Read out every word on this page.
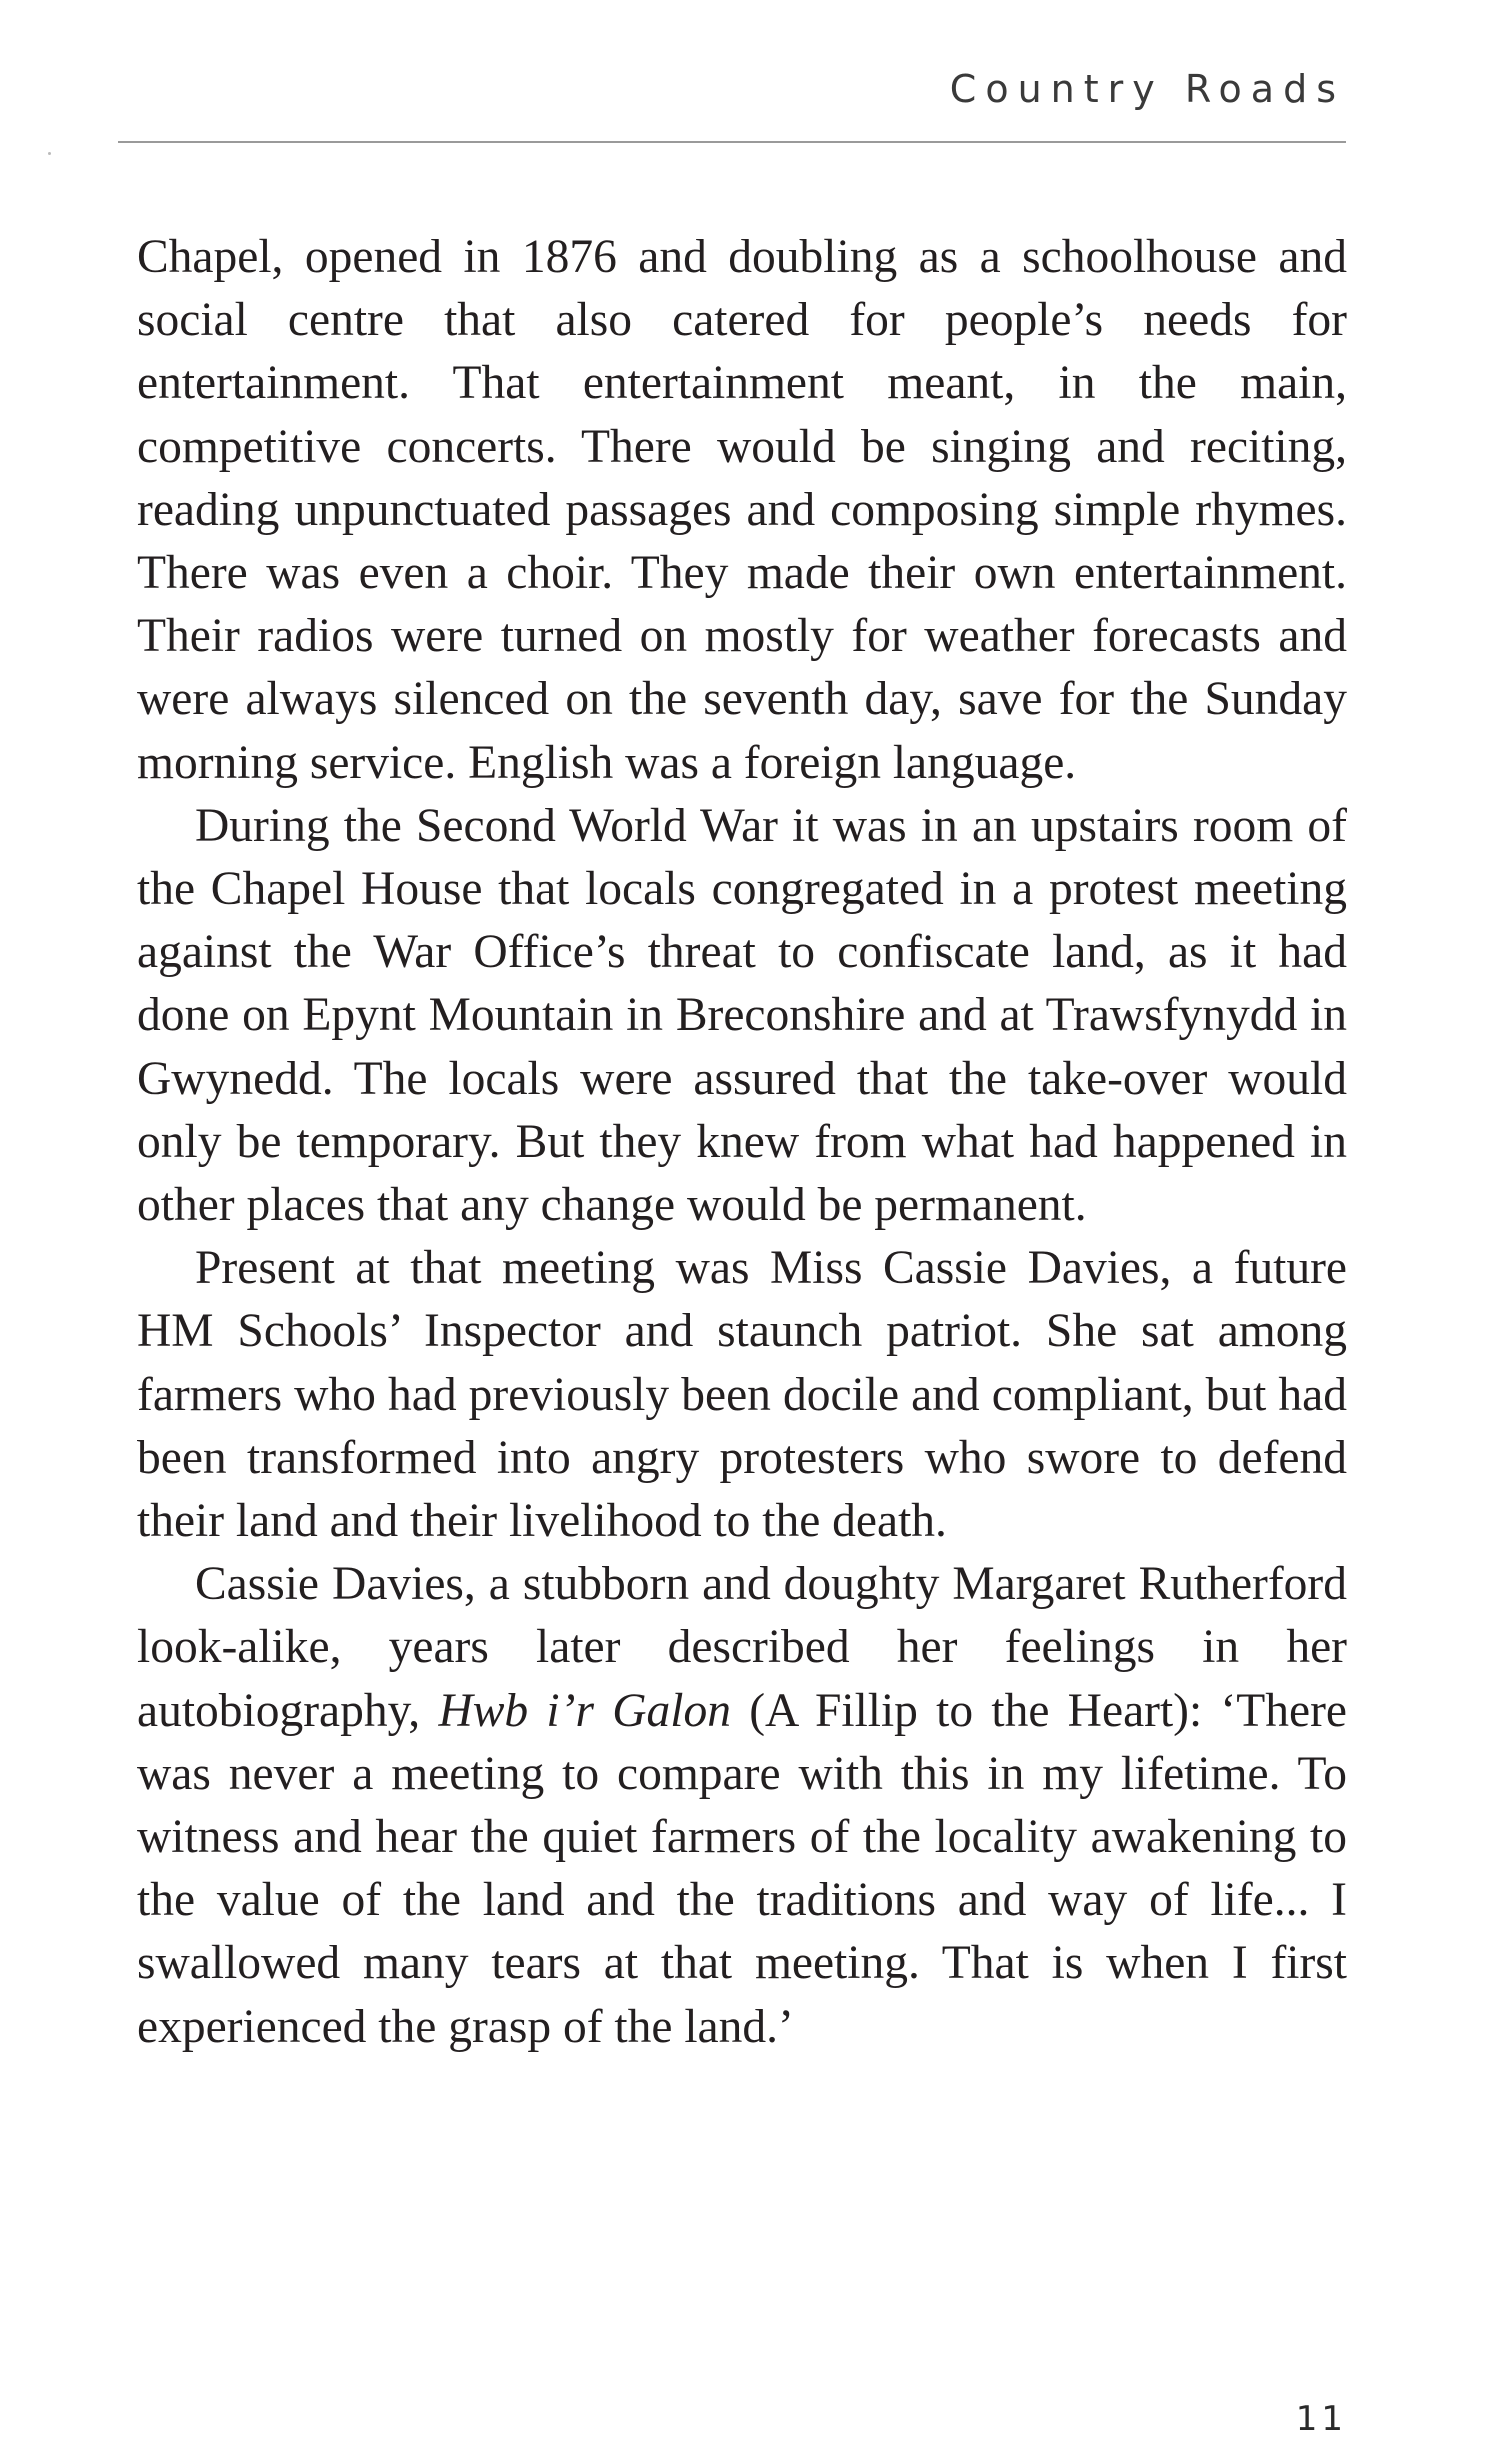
Country Roads

Chapel, opened in 1876 and doubling as a schoolhouse and social centre that also catered for people’s needs for entertainment. That entertainment meant, in the main, competitive concerts. There would be singing and reciting, reading unpunctuated passages and composing simple rhymes. There was even a choir. They made their own entertainment. Their radios were turned on mostly for weather forecasts and were always silenced on the seventh day, save for the Sunday morning service. English was a foreign language.

During the Second World War it was in an upstairs room of the Chapel House that locals congregated in a protest meeting against the War Office’s threat to confiscate land, as it had done on Epynt Mountain in Breconshire and at Trawsfynydd in Gwynedd. The locals were assured that the take-over would only be temporary. But they knew from what had happened in other places that any change would be permanent.

Present at that meeting was Miss Cassie Davies, a future HM Schools’ Inspector and staunch patriot. She sat among farmers who had previously been docile and compliant, but had been transformed into angry protesters who swore to defend their land and their livelihood to the death.

Cassie Davies, a stubborn and doughty Margaret Rutherford look-alike, years later described her feelings in her autobiography, Hwb i’r Galon (A Fillip to the Heart): ‘There was never a meeting to compare with this in my lifetime. To witness and hear the quiet farmers of the locality awakening to the value of the land and the traditions and way of life... I swallowed many tears at that meeting. That is when I first experienced the grasp of the land.’

11
